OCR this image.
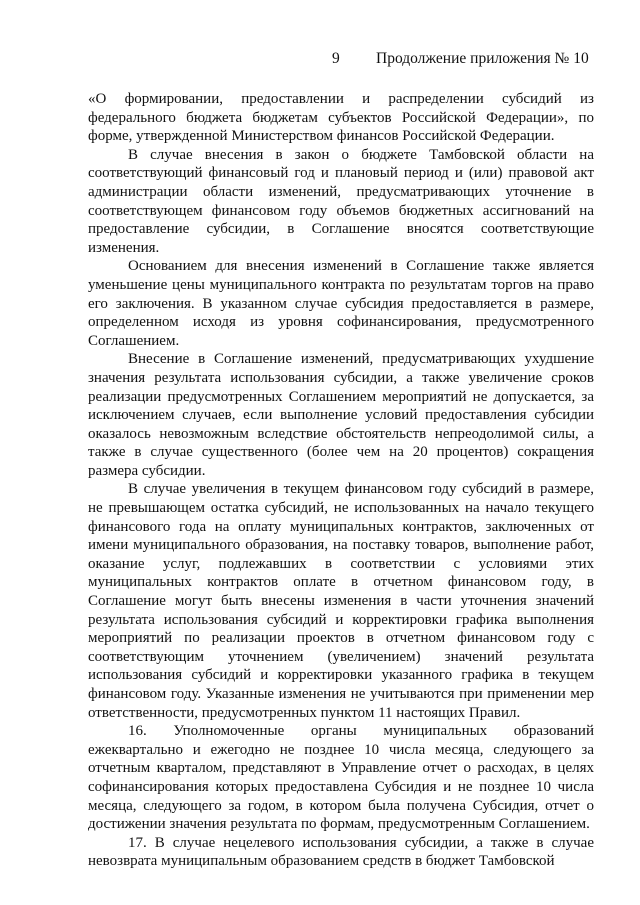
9 Продолжение приложения № 10

«О формировании, предоставлении и распределении субсидий из федерального бюджета бюджетам субъектов Российской Федерации», по форме, утвержденной Министерством финансов Российской Федерации.

В случае внесения в закон о бюджете Тамбовской области на соответствующий финансовый год и плановый период и (или) правовой акт администрации области изменений, предусматривающих уточнение в соответствующем финансовом году объемов бюджетных ассигнований на предоставление субсидии, в Соглашение вносятся соответствующие изменения.

Основанием для внесения изменений в Соглашение также является уменьшение цены муниципального контракта по результатам торгов на право его заключения. В указанном случае субсидия предоставляется в размере, определенном исходя из уровня софинансирования, предусмотренного Соглашением.

Внесение в Соглашение изменений, предусматривающих ухудшение значения результата использования субсидии, а также увеличение сроков реализации предусмотренных Соглашением мероприятий не допускается, за исключением случаев, если выполнение условий предоставления субсидии оказалось невозможным вследствие обстоятельств непреодолимой силы, а также в случае существенного (более чем на 20 процентов) сокращения размера субсидии.

В случае увеличения в текущем финансовом году субсидий в размере, не превышающем остатка субсидий, не использованных на начало текущего финансового года на оплату муниципальных контрактов, заключенных от имени муниципального образования, на поставку товаров, выполнение работ, оказание услуг, подлежавших в соответствии с условиями этих муниципальных контрактов оплате в отчетном финансовом году, в Соглашение могут быть внесены изменения в части уточнения значений результата использования субсидий и корректировки графика выполнения мероприятий по реализации проектов в отчетном финансовом году с соответствующим уточнением (увеличением) значений результата использования субсидий и корректировки указанного графика в текущем финансовом году. Указанные изменения не учитываются при применении мер ответственности, предусмотренных пунктом 11 настоящих Правил.

16. Уполномоченные органы муниципальных образований ежеквартально и ежегодно не позднее 10 числа месяца, следующего за отчетным кварталом, представляют в Управление отчет о расходах, в целях софинансирования которых предоставлена Субсидия и не позднее 10 числа месяца, следующего за годом, в котором была получена Субсидия, отчет о достижении значения результата по формам, предусмотренным Соглашением.

17. В случае нецелевого использования субсидии, а также в случае невозврата муниципальным образованием средств в бюджет Тамбовской
